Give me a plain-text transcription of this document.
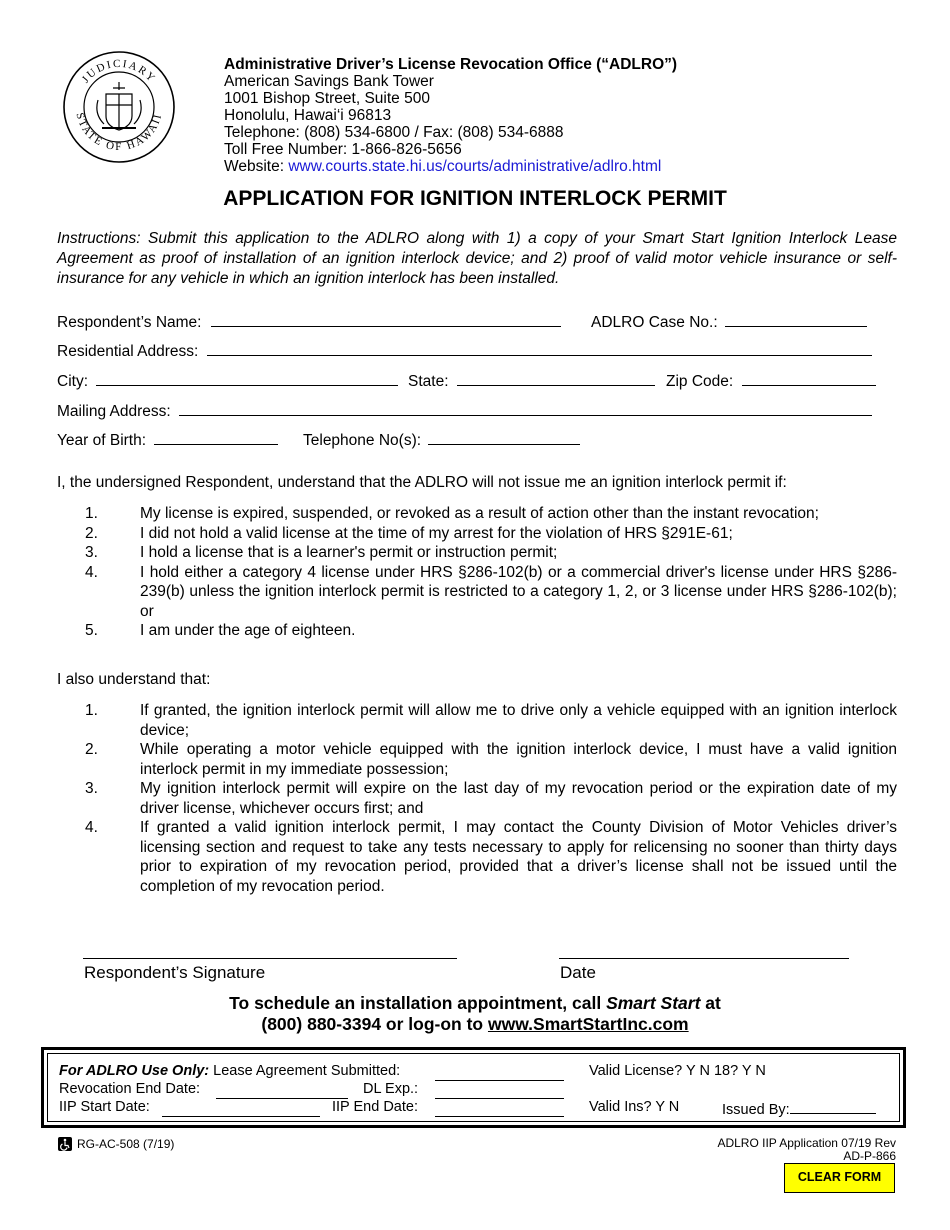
JUDICIARY
STATE OF HAWAII
Administrative Driver’s License Revocation Office (“ADLRO”)
American Savings Bank Tower
1001 Bishop Street, Suite 500
Honolulu, Hawai‘i 96813
Telephone: (808) 534-6800 / Fax: (808) 534-6888
Toll Free Number: 1-866-826-5656
Website: www.courts.state.hi.us/courts/administrative/adlro.html
APPLICATION FOR IGNITION INTERLOCK PERMIT
Instructions: Submit this application to the ADLRO along with 1) a copy of your Smart Start Ignition Interlock Lease Agreement as proof of installation of an ignition interlock device; and 2) proof of valid motor vehicle insurance or self-insurance for any vehicle in which an ignition interlock has been installed.
Respondent’s Name:	ADLRO Case No.:
Residential Address:
City:	State:	Zip Code:
Mailing Address:
Year of Birth:	Telephone No(s):
I, the undersigned Respondent, understand that the ADLRO will not issue me an ignition interlock permit if:
1.	My license is expired, suspended, or revoked as a result of action other than the instant revocation;
2.	I did not hold a valid license at the time of my arrest for the violation of HRS §291E-61;
3.	I hold a license that is a learner's permit or instruction permit;
4.	I hold either a category 4 license under HRS §286-102(b) or a commercial driver's license under HRS §286-239(b) unless the ignition interlock permit is restricted to a category 1, 2, or 3 license under HRS §286-102(b); or
5.	I am under the age of eighteen.
I also understand that:
1.	If granted, the ignition interlock permit will allow me to drive only a vehicle equipped with an ignition interlock device;
2.	While operating a motor vehicle equipped with the ignition interlock device, I must have a valid ignition interlock permit in my immediate possession;
3.	My ignition interlock permit will expire on the last day of my revocation period or the expiration date of my driver license, whichever occurs first; and
4.	If granted a valid ignition interlock permit, I may contact the County Division of Motor Vehicles driver’s licensing section and request to take any tests necessary to apply for relicensing no sooner than thirty days prior to expiration of my revocation period, provided that a driver’s license shall not be issued until the completion of my revocation period.
Respondent’s Signature	Date
To schedule an installation appointment, call Smart Start at
(800) 880-3394 or log-on to www.SmartStartInc.com
For ADLRO Use Only: Lease Agreement Submitted:	Valid License? Y N 18? Y N
Revocation End Date:	DL Exp.:
IIP Start Date:	IIP End Date:	Valid Ins? Y N	Issued By:
RG-AC-508 (7/19)	ADLRO IIP Application 07/19 Rev
AD-P-866
CLEAR FORM
